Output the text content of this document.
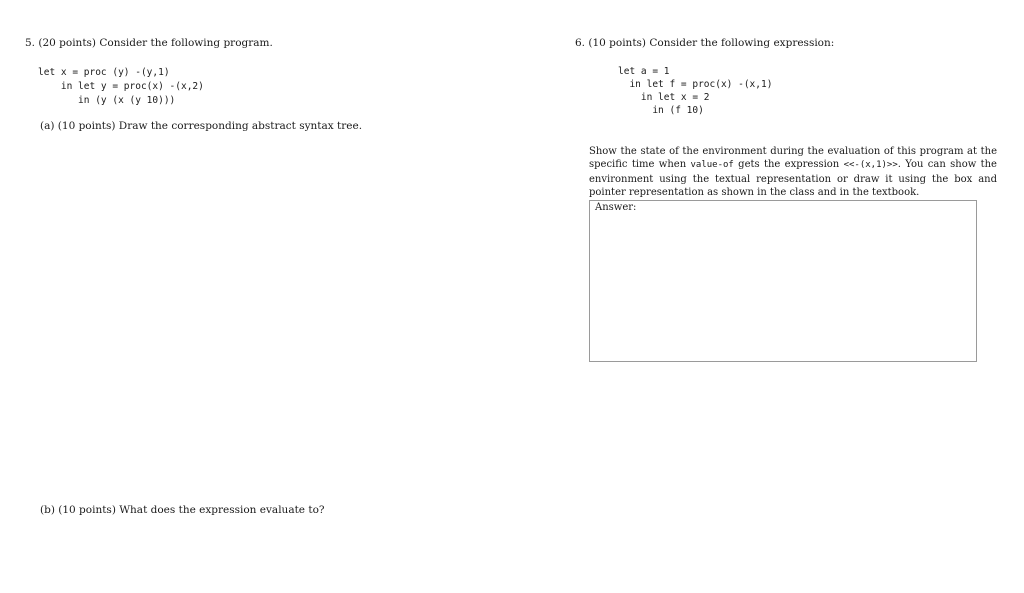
5. (20 points) Consider the following program.
let x = proc (y) -(y,1)
in let y = proc(x) -(x,2)
in (y (x (y 10)))
(a) (10 points) Draw the corresponding abstract syntax tree.
(b) (10 points) What does the expression evaluate to?
6. (10 points) Consider the following expression:
let a = 1
in let f = proc(x) -(x,1)
in let x = 2
in (f 10)
Show the state of the environment during the evaluation of this program at the specific time when value-of gets the expression <<-(x,1)>>. You can show the environment using the textual representation or draw it using the box and pointer representation as shown in the class and in the textbook.
Answer:
